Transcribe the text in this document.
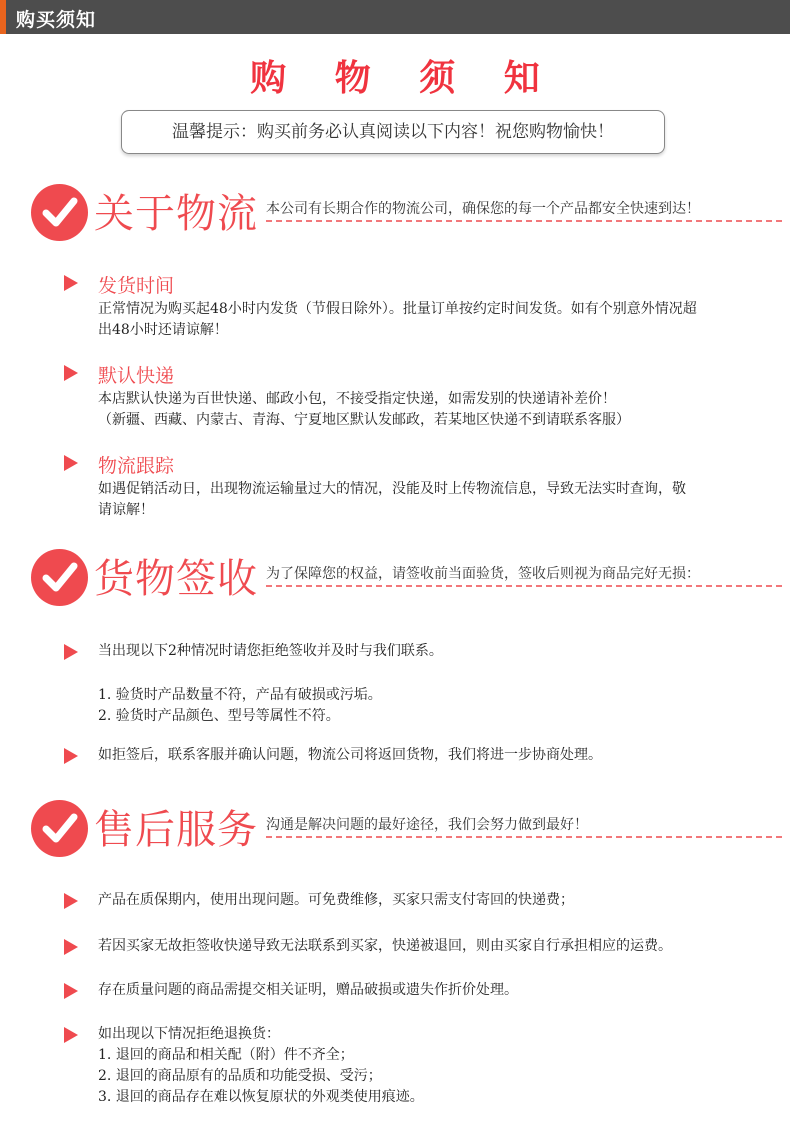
购买须知
购 物 须 知
温馨提示：购买前务必认真阅读以下内容！祝您购物愉快！
关于物流 本公司有长期合作的物流公司，确保您的每一个产品都安全快速到达！
发货时间
正常情况为购买起48小时内发货（节假日除外）。批量订单按约定时间发货。如有个别意外情况超
出48小时还请谅解！
默认快递
本店默认快递为百世快递、邮政小包，不接受指定快递，如需发别的快递请补差价！
（新疆、西藏、内蒙古、青海、宁夏地区默认发邮政，若某地区快递不到请联系客服）
物流跟踪
如遇促销活动日，出现物流运输量过大的情况，没能及时上传物流信息，导致无法实时查询，敬
请谅解！
货物签收 为了保障您的权益，请签收前当面验货，签收后则视为商品完好无损：
当出现以下2种情况时请您拒绝签收并及时与我们联系。
1. 验货时产品数量不符，产品有破损或污垢。
2. 验货时产品颜色、型号等属性不符。
如拒签后，联系客服并确认问题，物流公司将返回货物，我们将进一步协商处理。
售后服务 沟通是解决问题的最好途径，我们会努力做到最好！
产品在质保期内，使用出现问题。可免费维修，买家只需支付寄回的快递费；
若因买家无故拒签收快递导致无法联系到买家，快递被退回，则由买家自行承担相应的运费。
存在质量问题的商品需提交相关证明，赠品破损或遗失作折价处理。
如出现以下情况拒绝退换货：
1. 退回的商品和相关配（附）件不齐全；
2. 退回的商品原有的品质和功能受损、受污；
3. 退回的商品存在难以恢复原状的外观类使用痕迹。
